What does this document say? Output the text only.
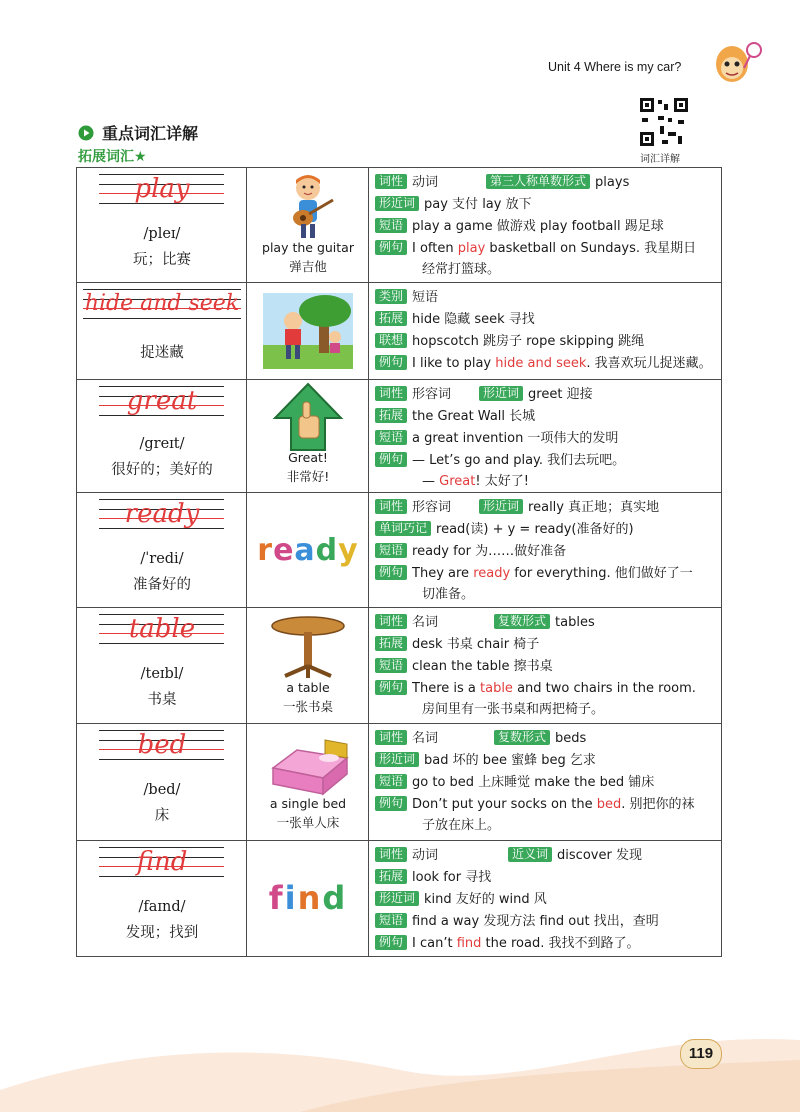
Unit 4 Where is my car?
词汇详解
重点词汇详解
拓展词汇★
play
/pleɪ/
玩；比赛
play the guitar
弹吉他
词性 动词	第三人称单数形式 plays
形近词 pay 支付 lay 放下
短语 play a game 做游戏 play football 踢足球
例句 I often play basketball on Sundays. 我星期日
经常打篮球。
hide and seek
捉迷藏
类别 短语
拓展 hide 隐藏 seek 寻找
联想 hopscotch 跳房子 rope skipping 跳绳
例句 I like to play hide and seek. 我喜欢玩儿捉迷藏。
great
/greɪt/
很好的；美好的
Great!
非常好!
词性 形容词	形近词 greet 迎接
拓展 the Great Wall 长城
短语 a great invention 一项伟大的发明
例句 — Let’s go and play. 我们去玩吧。
— Great! 太好了!
ready
/ˈredi/
准备好的
ready
词性 形容词	形近词 really 真正地；真实地
单词巧记 read(读) + y = ready(准备好的)
短语 ready for 为……做好准备
例句 They are ready for everything. 他们做好了一
切准备。
table
/teɪbl/
书桌
a table
一张书桌
词性 名词	复数形式 tables
拓展 desk 书桌 chair 椅子
短语 clean the table 擦书桌
例句 There is a table and two chairs in the room.
房间里有一张书桌和两把椅子。
bed
/bed/
床
a single bed
一张单人床
词性 名词	复数形式 beds
形近词 bad 坏的 bee 蜜蜂 beg 乞求
短语 go to bed 上床睡觉 make the bed 铺床
例句 Don’t put your socks on the bed. 别把你的袜
子放在床上。
find
/faɪnd/
发现；找到
find
词性 动词	近义词 discover 发现
拓展 look for 寻找
形近词 kind 友好的 wind 风
短语 find a way 发现方法 find out 找出，查明
例句 I can’t find the road. 我找不到路了。
119
